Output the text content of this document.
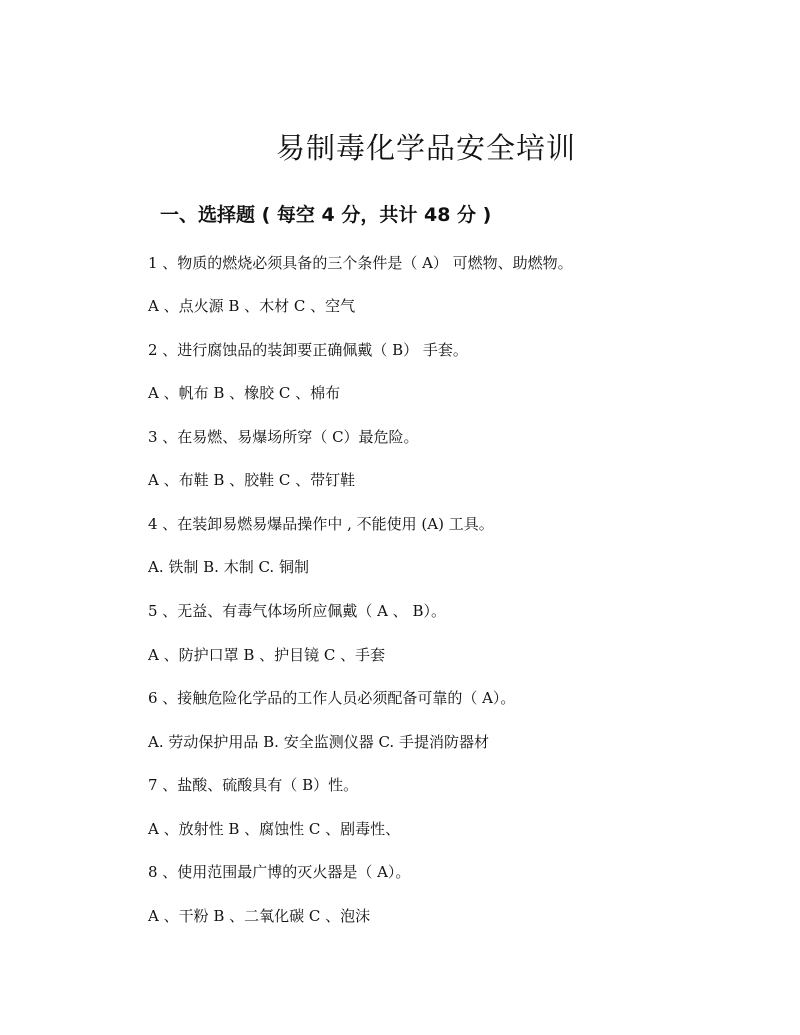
易制毒化学品安全培训
一、选择题 ( 每空 4 分，共计 48 分 )
1 、物质的燃烧必须具备的三个条件是（ A） 可燃物、助燃物。
A 、点火源 B 、木材 C 、空气
2 、进行腐蚀品的装卸要正确佩戴（ B） 手套。
A 、帆布 B 、橡胶 C 、棉布
3 、在易燃、易爆场所穿（ C）最危险。
A 、布鞋 B 、胶鞋 C 、带钉鞋
4 、在装卸易燃易爆品操作中 , 不能使用 (A) 工具。
A. 铁制 B. 木制 C. 铜制
5 、无益、有毒气体场所应佩戴（ A 、 B）。
A 、防护口罩 B 、护目镜 C 、手套
6 、接触危险化学品的工作人员必须配备可靠的（ A）。
A. 劳动保护用品 B. 安全监测仪器 C. 手提消防器材
7 、盐酸、硫酸具有（ B）性。
A 、放射性 B 、腐蚀性 C 、剧毒性、
8 、使用范围最广博的灭火器是（ A）。
A 、干粉 B 、二氧化碳 C 、泡沫
